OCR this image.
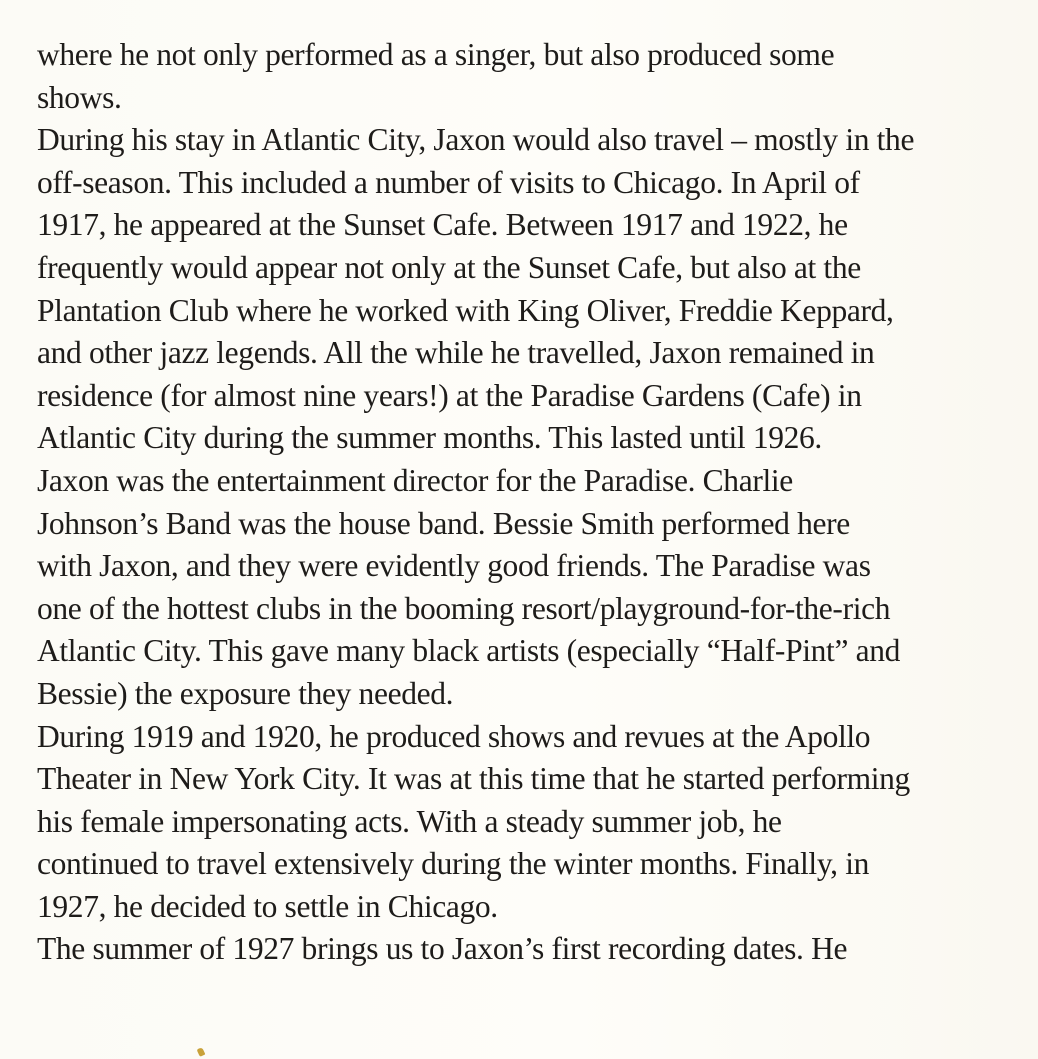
where he not only performed as a singer, but also produced some
shows.
During his stay in Atlantic City, Jaxon would also travel – mostly in the
off-season. This included a number of visits to Chicago. In April of
1917, he appeared at the Sunset Cafe. Between 1917 and 1922, he
frequently would appear not only at the Sunset Cafe, but also at the
Plantation Club where he worked with King Oliver, Freddie Keppard,
and other jazz legends. All the while he travelled, Jaxon remained in
residence (for almost nine years!) at the Paradise Gardens (Cafe) in
Atlantic City during the summer months. This lasted until 1926.
Jaxon was the entertainment director for the Paradise. Charlie
Johnson’s Band was the house band. Bessie Smith performed here
with Jaxon, and they were evidently good friends. The Paradise was
one of the hottest clubs in the booming resort/playground-for-the-rich
Atlantic City. This gave many black artists (especially “Half-Pint” and
Bessie) the exposure they needed.
During 1919 and 1920, he produced shows and revues at the Apollo
Theater in New York City. It was at this time that he started performing
his female impersonating acts. With a steady summer job, he
continued to travel extensively during the winter months. Finally, in
1927, he decided to settle in Chicago.
The summer of 1927 brings us to Jaxon’s first recording dates. He
